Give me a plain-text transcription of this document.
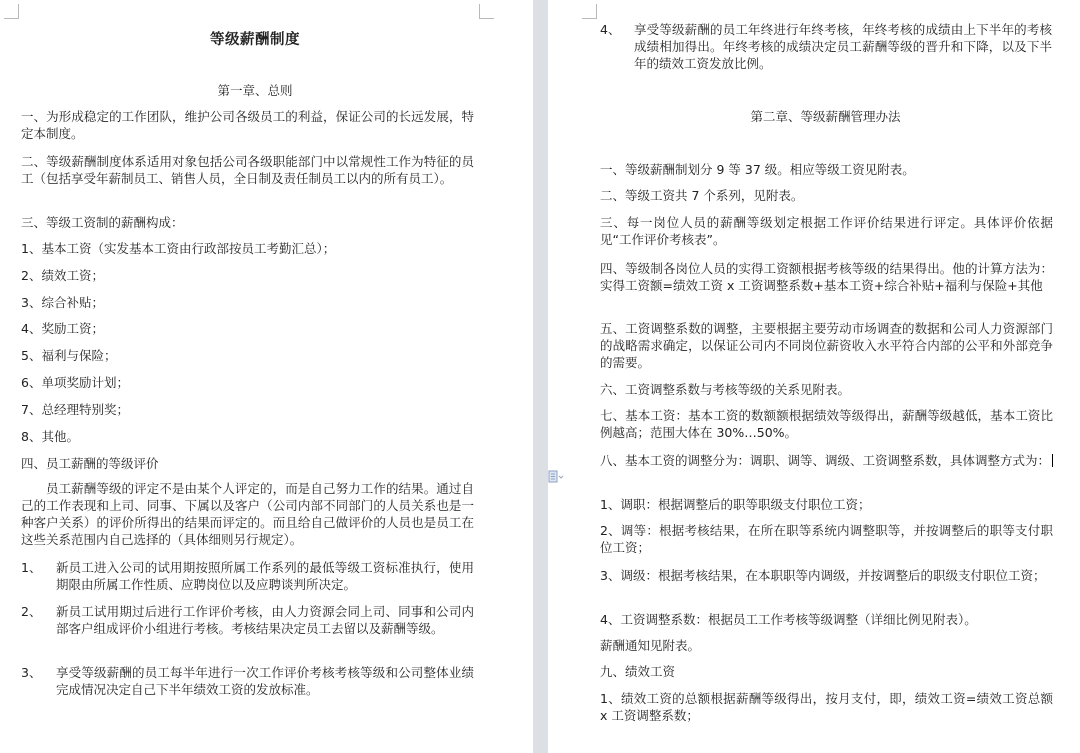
等级薪酬制度
第一章、总则

一、为形成稳定的工作团队，维护公司各级员工的利益，保证公司的长远发展，特定本制度。

二、等级薪酬制度体系适用对象包括公司各级职能部门中以常规性工作为特征的员工（包括享受年薪制员工、销售人员，全日制及责任制员工以内的所有员工）。

三、等级工资制的薪酬构成：

1、基本工资（实发基本工资由行政部按员工考勤汇总）；

2、绩效工资；

3、综合补贴；

4、奖励工资；

5、福利与保险；

6、单项奖励计划；

7、总经理特别奖；

8、其他。

四、员工薪酬的等级评价

员工薪酬等级的评定不是由某个人评定的，而是自己努力工作的结果。通过自己的工作表现和上司、同事、下属以及客户（公司内部不同部门的人员关系也是一种客户关系）的评价所得出的结果而评定的。而且给自己做评价的人员也是员工在这些关系范围内自己选择的（具体细则另行规定）。

1、 新员工进入公司的试用期按照所属工作系列的最低等级工资标准执行，使用期限由所属工作性质、应聘岗位以及应聘谈判所决定。

2、 新员工试用期过后进行工作评价考核，由人力资源会同上司、同事和公司内部客户组成评价小组进行考核。考核结果决定员工去留以及薪酬等级。

3、 享受等级薪酬的员工每半年进行一次工作评价考核考核等级和公司整体业绩完成情况决定自己下半年绩效工资的发放标准。

4、 享受等级薪酬的员工年终进行年终考核，年终考核的成绩由上下半年的考核成绩相加得出。年终考核的成绩决定员工薪酬等级的晋升和下降，以及下半年的绩效工资发放比例。

第二章、等级薪酬管理办法

一、等级薪酬制划分 9 等 37 级。相应等级工资见附表。

二、等级工资共 7 个系列，见附表。

三、每一岗位人员的薪酬等级划定根据工作评价结果进行评定。具体评价依据见“工作评价考核表”。

四、等级制各岗位人员的实得工资额根据考核等级的结果得出。他的计算方法为：实得工资额=绩效工资 x 工资调整系数+基本工资+综合补贴+福利与保险+其他

五、工资调整系数的调整，主要根据主要劳动市场调查的数据和公司人力资源部门的战略需求确定，以保证公司内不同岗位薪资收入水平符合内部的公平和外部竞争的需要。

六、工资调整系数与考核等级的关系见附表。

七、基本工资：基本工资的数额额根据绩效等级得出，薪酬等级越低，基本工资比例越高；范围大体在 30%…50%。

八、基本工资的调整分为：调职、调等、调级、工资调整系数，具体调整方式为：

1、调职：根据调整后的职等职级支付职位工资；

2、调等：根据考核结果，在所在职等系统内调整职等，并按调整后的职等支付职位工资；

3、调级：根据考核结果，在本职职等内调级，并按调整后的职级支付职位工资；

4、工资调整系数：根据员工工作考核等级调整（详细比例见附表）。

薪酬通知见附表。

九、绩效工资

1、绩效工资的总额根据薪酬等级得出，按月支付，即，绩效工资=绩效工资总额 x 工资调整系数；
